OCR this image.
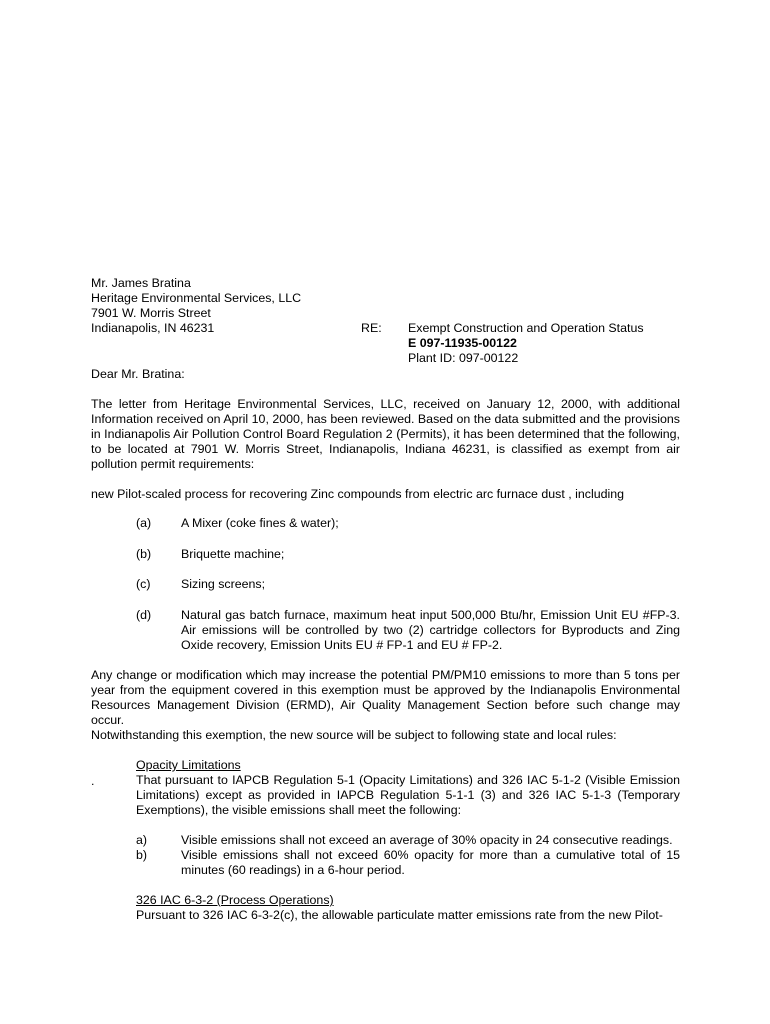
Mr. James Bratina
Heritage Environmental Services, LLC
7901 W. Morris Street
Indianapolis, IN 46231	RE: Exempt Construction and Operation Status
E 097-11935-00122
Plant ID: 097-00122
Dear Mr. Bratina:
The letter from Heritage Environmental Services, LLC, received on January 12, 2000, with additional Information received on April 10, 2000, has been reviewed. Based on the data submitted and the provisions in Indianapolis Air Pollution Control Board Regulation 2 (Permits), it has been determined that the following, to be located at 7901 W. Morris Street, Indianapolis, Indiana 46231, is classified as exempt from air pollution permit requirements:
new Pilot-scaled process for recovering Zinc compounds from electric arc furnace dust , including
(a) A Mixer (coke fines & water);
(b) Briquette machine;
(c) Sizing screens;
(d) Natural gas batch furnace, maximum heat input 500,000 Btu/hr, Emission Unit EU #FP-3. Air emissions will be controlled by two (2) cartridge collectors for Byproducts and Zing Oxide recovery, Emission Units EU # FP-1 and EU # FP-2.
Any change or modification which may increase the potential PM/PM10 emissions to more than 5 tons per year from the equipment covered in this exemption must be approved by the Indianapolis Environmental Resources Management Division (ERMD), Air Quality Management Section before such change may occur.
Notwithstanding this exemption, the new source will be subject to following state and local rules:
Opacity Limitations
.	That pursuant to IAPCB Regulation 5-1 (Opacity Limitations) and 326 IAC 5-1-2 (Visible Emission Limitations) except as provided in IAPCB Regulation 5-1-1 (3) and 326 IAC 5-1-3 (Temporary Exemptions), the visible emissions shall meet the following:
a)	Visible emissions shall not exceed an average of 30% opacity in 24 consecutive readings.
b)	Visible emissions shall not exceed 60% opacity for more than a cumulative total of 15 minutes (60 readings) in a 6-hour period.
326 IAC 6-3-2 (Process Operations)
Pursuant to 326 IAC 6-3-2(c), the allowable particulate matter emissions rate from the new Pilot-
